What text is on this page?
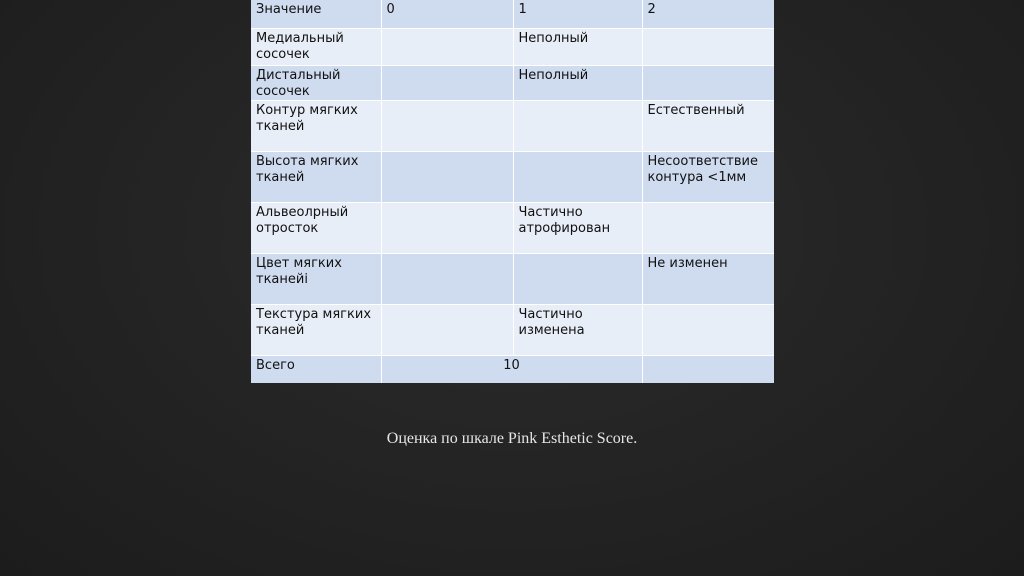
Значение	0	1	2
Медиальный сосочек		Неполный	
Дистальный сосочек		Неполный	
Контур мягких тканей			Естественный
Высота мягких тканей			Несоответствие контура <1мм
Альвеолрный отросток		Частично атрофирован	
Цвет мягких тканейi			Не изменен
Текстура мягких тканей		Частично изменена	
Всего	10		
Оценка по шкале Pink Esthetic Score.
